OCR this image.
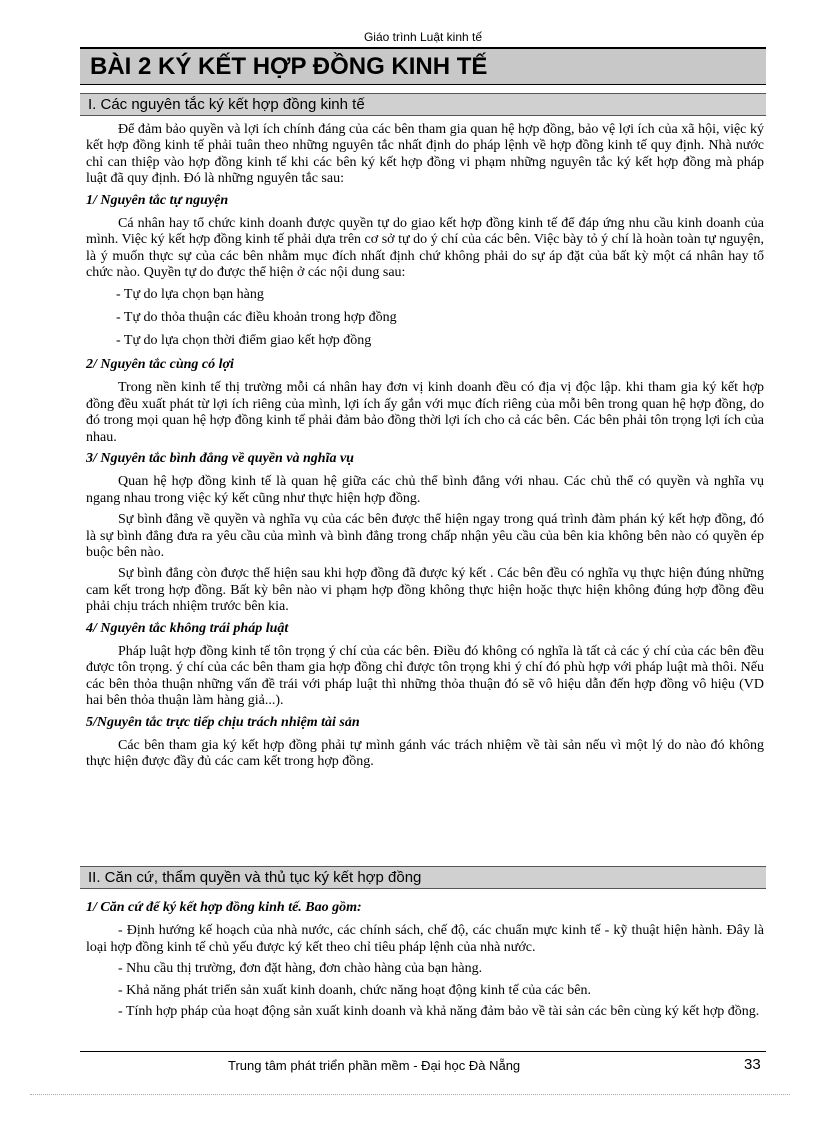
Giáo trình Luật kinh tế
BÀI 2 KÝ KẾT HỢP ĐỒNG KINH TẾ
I. Các nguyên tắc ký kết hợp đồng kinh tế

Để đảm bảo quyền và lợi ích chính đáng của các bên tham gia quan hệ hợp đồng, bảo vệ lợi ích của xã hội, việc ký kết hợp đồng kinh tế phải tuân theo những nguyên tắc nhất định do pháp lệnh về hợp đồng kinh tế quy định. Nhà nước chỉ can thiệp vào hợp đồng kinh tế khi các bên ký kết hợp đồng vi phạm những nguyên tắc ký kết hợp đồng mà pháp luật đã quy định. Đó là những nguyên tắc sau:

1/ Nguyên tắc tự nguyện

Cá nhân hay tổ chức kinh doanh được quyền tự do giao kết hợp đồng kinh tế để đáp ứng nhu cầu kinh doanh của mình. Việc ký kết hợp đồng kinh tế phải dựa trên cơ sở tự do ý chí của các bên. Việc bày tỏ ý chí là hoàn toàn tự nguyện, là ý muốn thực sự của các bên nhằm mục đích nhất định chứ không phải do sự áp đặt của bất kỳ một cá nhân hay tổ chức nào. Quyền tự do được thể hiện ở các nội dung sau:

- Tự do lựa chọn bạn hàng

- Tự do thỏa thuận các điều khoản trong hợp đồng

- Tự do lựa chọn thời điểm giao kết hợp đồng

2/ Nguyên tắc cùng có lợi

Trong nền kinh tế thị trường mỗi cá nhân hay đơn vị kinh doanh đều có địa vị độc lập. khi tham gia ký kết hợp đồng đều xuất phát từ lợi ích riêng của mình, lợi ích ấy gắn với mục đích riêng của mỗi bên trong quan hệ hợp đồng, do đó trong mọi quan hệ hợp đồng kinh tế phải đảm bảo đồng thời lợi ích cho cả các bên. Các bên phải tôn trọng lợi ích của nhau.

3/ Nguyên tắc bình đẳng về quyền và nghĩa vụ

Quan hệ hợp đồng kinh tế là quan hệ giữa các chủ thể bình đẳng với nhau. Các chủ thể có quyền và nghĩa vụ ngang nhau trong việc ký kết cũng như thực hiện hợp đồng.

Sự bình đẳng về quyền và nghĩa vụ của các bên được thể hiện ngay trong quá trình đàm phán ký kết hợp đồng, đó là sự bình đẳng đưa ra yêu cầu của mình và bình đẳng trong chấp nhận yêu cầu của bên kia không bên nào có quyền ép buộc bên nào.

Sự bình đẳng còn được thể hiện sau khi hợp đồng đã được ký kết . Các bên đều có nghĩa vụ thực hiện đúng những cam kết trong hợp đồng. Bất kỳ bên nào vi phạm hợp đồng không thực hiện hoặc thực hiện không đúng hợp đồng đều phải chịu trách nhiệm trước bên kia.

4/ Nguyên tắc không trái pháp luật

Pháp luật hợp đồng kinh tế tôn trọng ý chí của các bên. Điều đó không có nghĩa là tất cả các ý chí của các bên đều được tôn trọng. ý chí của các bên tham gia hợp đồng chỉ được tôn trọng khi ý chí đó phù hợp với pháp luật mà thôi. Nếu các bên thỏa thuận những vấn đề trái với pháp luật thì những thỏa thuận đó sẽ vô hiệu dẫn đến hợp đồng vô hiệu (VD hai bên thỏa thuận làm hàng giả...).

5/Nguyên tắc trực tiếp chịu trách nhiệm tài sản

Các bên tham gia ký kết hợp đồng phải tự mình gánh vác trách nhiệm về tài sản nếu vì một lý do nào đó không thực hiện được đầy đủ các cam kết trong hợp đồng.

II. Căn cứ, thẩm quyền và thủ tục ký kết hợp đồng

1/ Căn cứ để ký kết hợp đồng kinh tế. Bao gồm:

- Định hướng kế hoạch của nhà nước, các chính sách, chế độ, các chuẩn mực kinh tế - kỹ thuật hiện hành. Đây là loại hợp đồng kinh tế chủ yếu được ký kết theo chỉ tiêu pháp lệnh của nhà nước.

- Nhu cầu thị trường, đơn đặt hàng, đơn chào hàng của bạn hàng.

- Khả năng phát triển sản xuất kinh doanh, chức năng hoạt động kinh tế của các bên.

- Tính hợp pháp của hoạt động sản xuất kinh doanh và khả năng đảm bảo về tài sản các bên cùng ký kết hợp đồng.

Trung tâm phát triển phần mềm - Đại học Đà Nẵng	33
